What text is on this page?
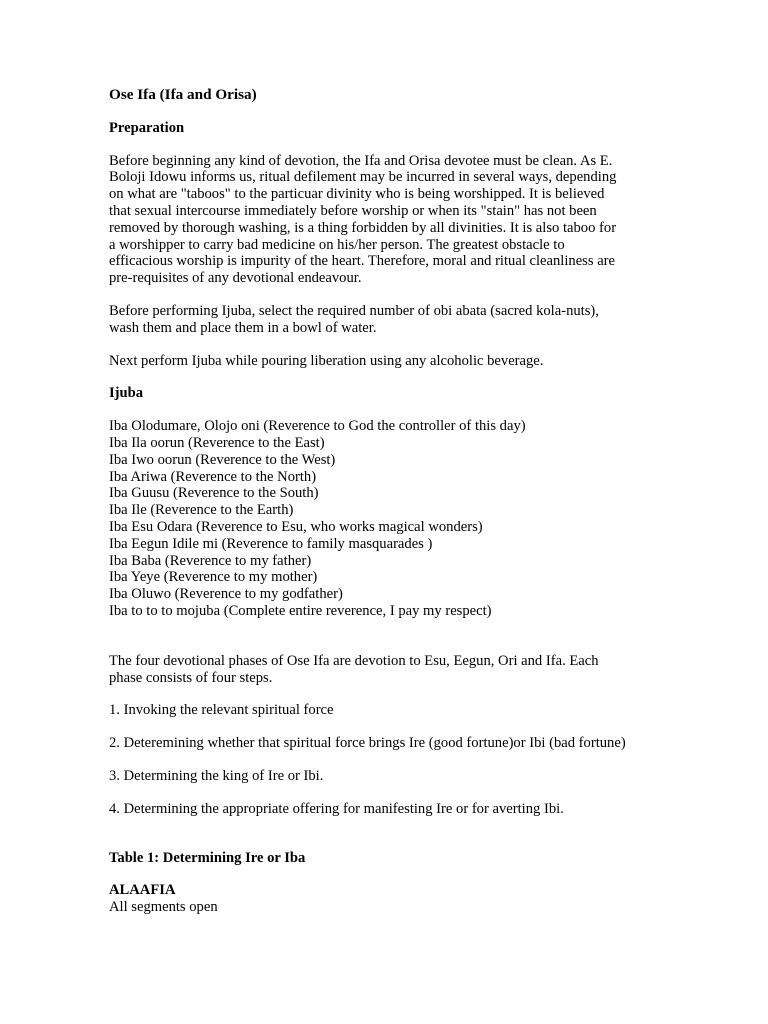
Ose Ifa (Ifa and Orisa)
Preparation

Before beginning any kind of devotion, the Ifa and Orisa devotee must be clean. As E.
Boloji Idowu informs us, ritual defilement may be incurred in several ways, depending
on what are "taboos" to the particuar divinity who is being worshipped. It is believed
that sexual intercourse immediately before worship or when its "stain" has not been
removed by thorough washing, is a thing forbidden by all divinities. It is also taboo for
a worshipper to carry bad medicine on his/her person. The greatest obstacle to
efficacious worship is impurity of the heart. Therefore, moral and ritual cleanliness are
pre-requisites of any devotional endeavour.

Before performing Ijuba, select the required number of obi abata (sacred kola-nuts),
wash them and place them in a bowl of water.

Next perform Ijuba while pouring liberation using any alcoholic beverage.

Ijuba
Iba Olodumare, Olojo oni (Reverence to God the controller of this day)
Iba Ila oorun (Reverence to the East)
Iba Iwo oorun (Reverence to the West)
Iba Ariwa (Reverence to the North)
Iba Guusu (Reverence to the South)
Iba Ile (Reverence to the Earth)
Iba Esu Odara (Reverence to Esu, who works magical wonders)
Iba Eegun Idile mi (Reverence to family masquarades )
Iba Baba (Reverence to my father)
Iba Yeye (Reverence to my mother)
Iba Oluwo (Reverence to my godfather)
Iba to to to mojuba (Complete entire reverence, I pay my respect)

The four devotional phases of Ose Ifa are devotion to Esu, Eegun, Ori and Ifa. Each
phase consists of four steps.

1. Invoking the relevant spiritual force

2. Deteremining whether that spiritual force brings Ire (good fortune)or Ibi (bad fortune)

3. Determining the king of Ire or Ibi.

4. Determining the appropriate offering for manifesting Ire or for averting Ibi.

Table 1: Determining Ire or Iba
ALAAFIA
All segments open
